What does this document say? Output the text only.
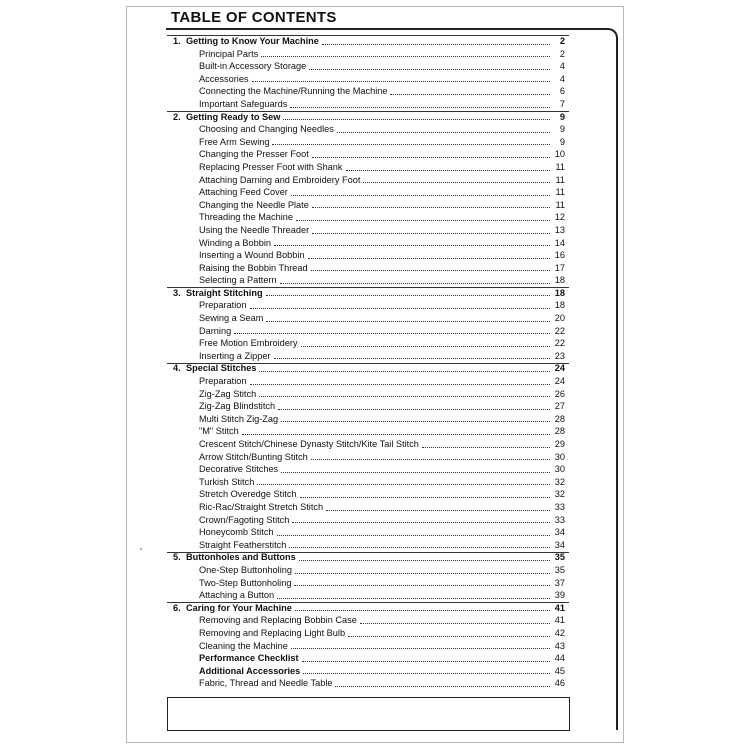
TABLE OF CONTENTS
1. Getting to Know Your Machine	2
Principal Parts	2
Built-in Accessory Storage	4
Accessories	4
Connecting the Machine/Running the Machine	6
Important Safeguards	7
2. Getting Ready to Sew	9
Choosing and Changing Needles	9
Free Arm Sewing	9
Changing the Presser Foot	10
Replacing Presser Foot with Shank	11
Attaching Darning and Embroidery Foot	11
Attaching Feed Cover	11
Changing the Needle Plate	11
Threading the Machine	12
Using the Needle Threader	13
Winding a Bobbin	14
Inserting a Wound Bobbin	16
Raising the Bobbin Thread	17
Selecting a Pattern	18
3. Straight Stitching	18
Preparation	18
Sewing a Seam	20
Darning	22
Free Motion Embroidery	22
Inserting a Zipper	23
4. Special Stitches	24
Preparation	24
Zig-Zag Stitch	26
Zig-Zag Blindstitch	27
Multi Stitch Zig-Zag	28
"M" Stitch	28
Crescent Stitch/Chinese Dynasty Stitch/Kite Tail Stitch	29
Arrow Stitch/Bunting Stitch	30
Decorative Stitches	30
Turkish Stitch	32
Stretch Overedge Stitch	32
Ric-Rac/Straight Stretch Stitch	33
Crown/Fagoting Stitch	33
Honeycomb Stitch	34
Straight Featherstitch	34
5. Buttonholes and Buttons	35
One-Step Buttonholing	35
Two-Step Buttonholing	37
Attaching a Button	39
6. Caring for Your Machine	41
Removing and Replacing Bobbin Case	41
Removing and Replacing Light Bulb	42
Cleaning the Machine	43
Performance Checklist	44
Additional Accessories	45
Fabric, Thread and Needle Table	46
